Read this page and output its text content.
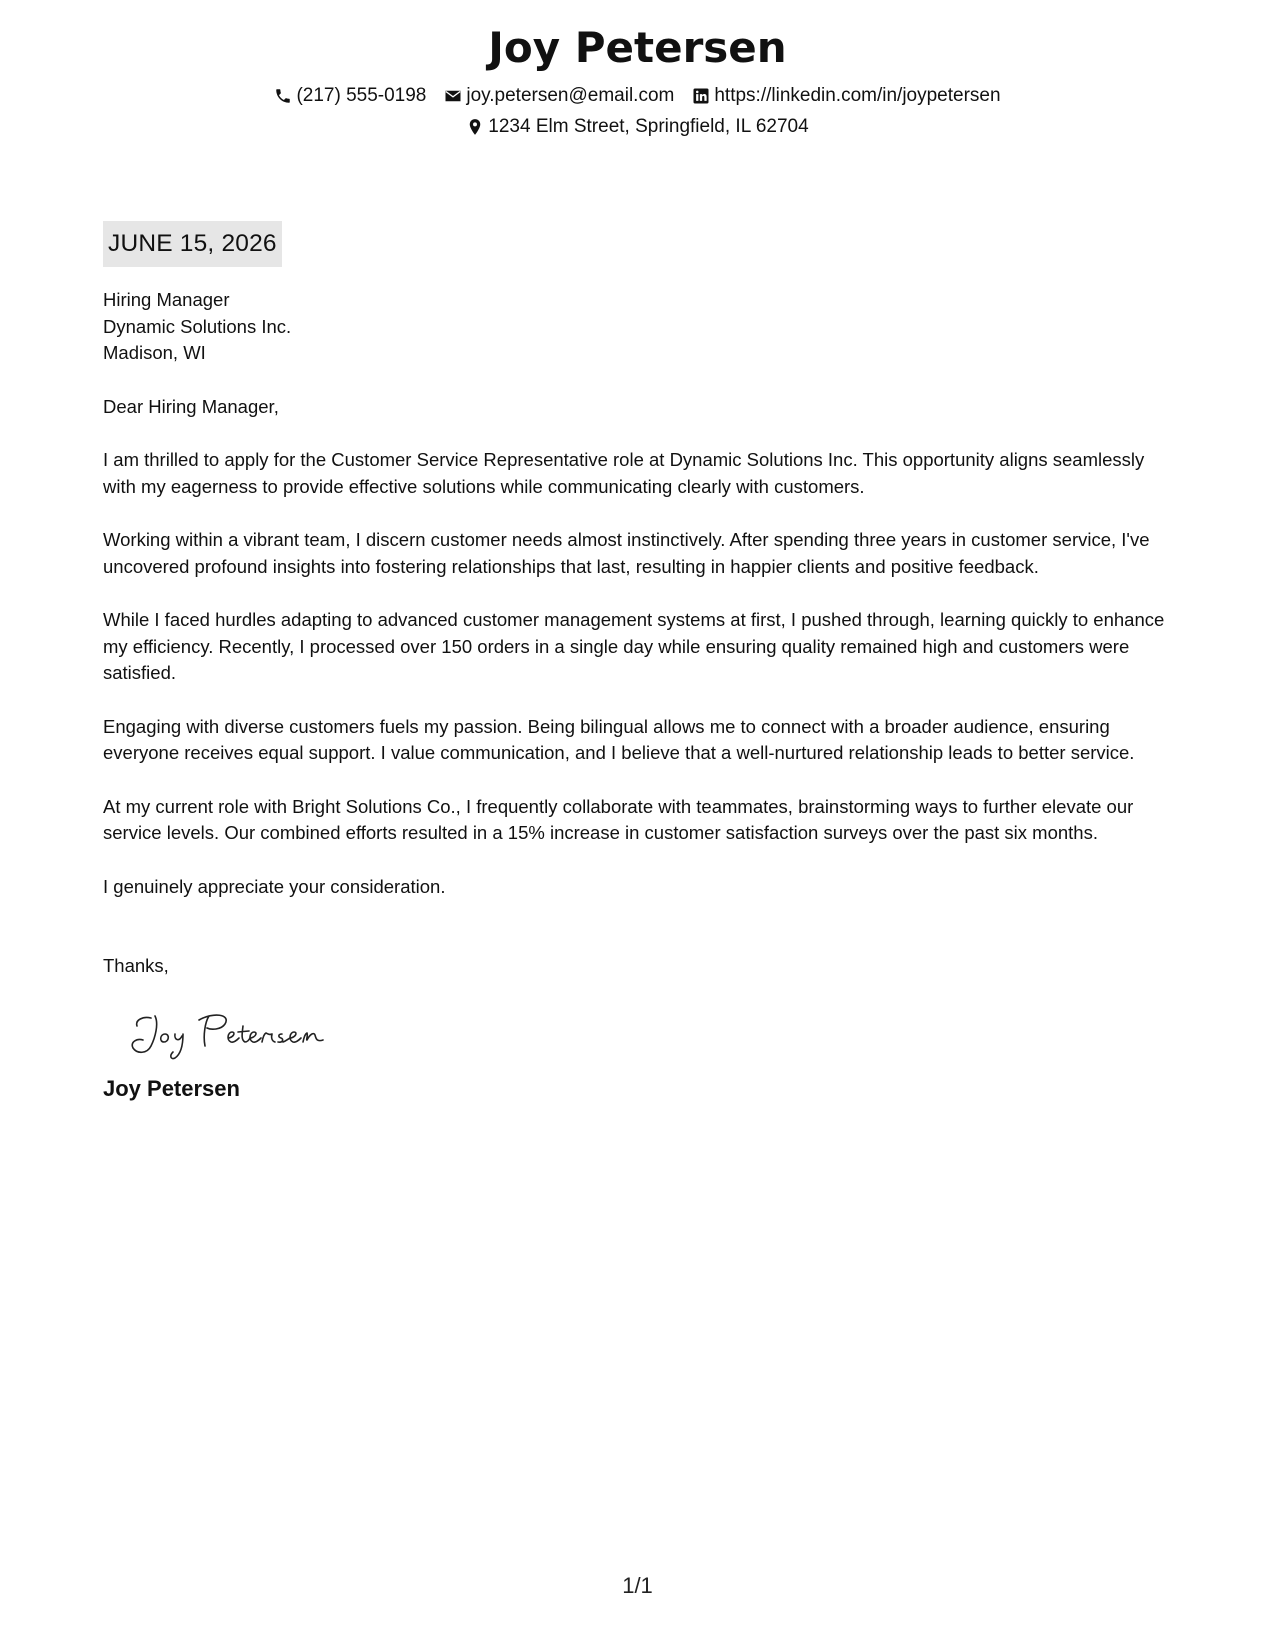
Joy Petersen
(217) 555-0198 joy.petersen@email.com https://linkedin.com/in/joypetersen
1234 Elm Street, Springfield, IL 62704
JUNE 15, 2026
Hiring Manager
Dynamic Solutions Inc.
Madison, WI
Dear Hiring Manager,

I am thrilled to apply for the Customer Service Representative role at Dynamic Solutions Inc. This opportunity aligns seamlessly with my eagerness to provide effective solutions while communicating clearly with customers.

Working within a vibrant team, I discern customer needs almost instinctively. After spending three years in customer service, I've uncovered profound insights into fostering relationships that last, resulting in happier clients and positive feedback.

While I faced hurdles adapting to advanced customer management systems at first, I pushed through, learning quickly to enhance my efficiency. Recently, I processed over 150 orders in a single day while ensuring quality remained high and customers were satisfied.

Engaging with diverse customers fuels my passion. Being bilingual allows me to connect with a broader audience, ensuring everyone receives equal support. I value communication, and I believe that a well-nurtured relationship leads to better service.

At my current role with Bright Solutions Co., I frequently collaborate with teammates, brainstorming ways to further elevate our service levels. Our combined efforts resulted in a 15% increase in customer satisfaction surveys over the past six months.

I genuinely appreciate your consideration.

Thanks,
Joy Petersen
1/1
